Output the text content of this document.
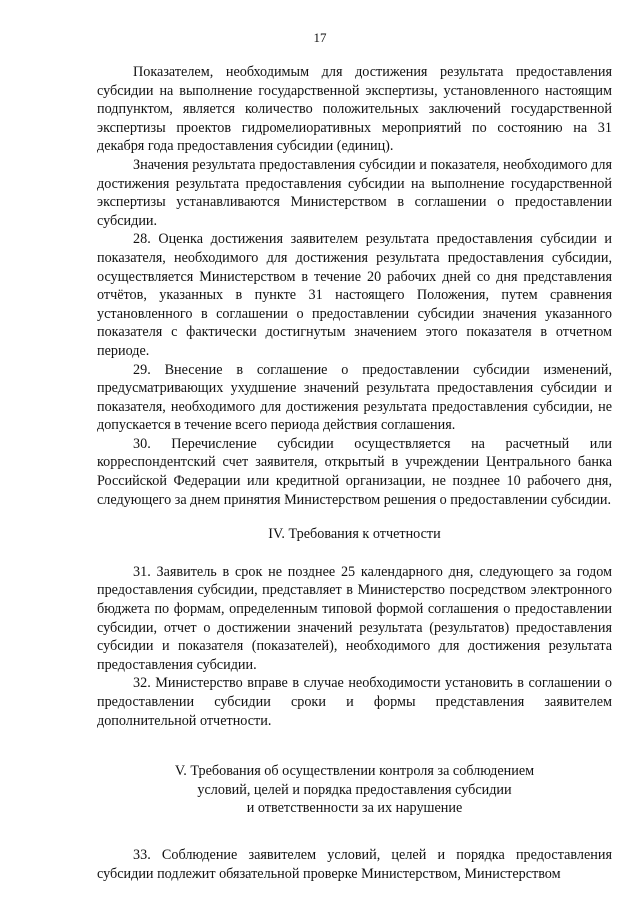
17

Показателем, необходимым для достижения результата предоставления субсидии на выполнение государственной экспертизы, установленного настоящим подпунктом, является количество положительных заключений государственной экспертизы проектов гидромелиоративных мероприятий по состоянию на 31 декабря года предоставления субсидии (единиц).

Значения результата предоставления субсидии и показателя, необходимого для достижения результата предоставления субсидии на выполнение государственной экспертизы устанавливаются Министерством в соглашении о предоставлении субсидии.

28. Оценка достижения заявителем результата предоставления субсидии и показателя, необходимого для достижения результата предоставления субсидии, осуществляется Министерством в течение 20 рабочих дней со дня представления отчётов, указанных в пункте 31 настоящего Положения, путем сравнения установленного в соглашении о предоставлении субсидии значения указанного показателя с фактически достигнутым значением этого показателя в отчетном периоде.

29. Внесение в соглашение о предоставлении субсидии изменений, предусматривающих ухудшение значений результата предоставления субсидии и показателя, необходимого для достижения результата предоставления субсидии, не допускается в течение всего периода действия соглашения.

30. Перечисление субсидии осуществляется на расчетный или корреспондентский счет заявителя, открытый в учреждении Центрального банка Российской Федерации или кредитной организации, не позднее 10 рабочего дня, следующего за днем принятия Министерством решения о предоставлении субсидии.

IV. Требования к отчетности

31. Заявитель в срок не позднее 25 календарного дня, следующего за годом предоставления субсидии, представляет в Министерство посредством электронного бюджета по формам, определенным типовой формой соглашения о предоставлении субсидии, отчет о достижении значений результата (результатов) предоставления субсидии и показателя (показателей), необходимого для достижения результата предоставления субсидии.

32. Министерство вправе в случае необходимости установить в соглашении о предоставлении субсидии сроки и формы представления заявителем дополнительной отчетности.

V. Требования об осуществлении контроля за соблюдением
условий, целей и порядка предоставления субсидии
и ответственности за их нарушение

33. Соблюдение заявителем условий, целей и порядка предоставления субсидии подлежит обязательной проверке Министерством, Министерством
